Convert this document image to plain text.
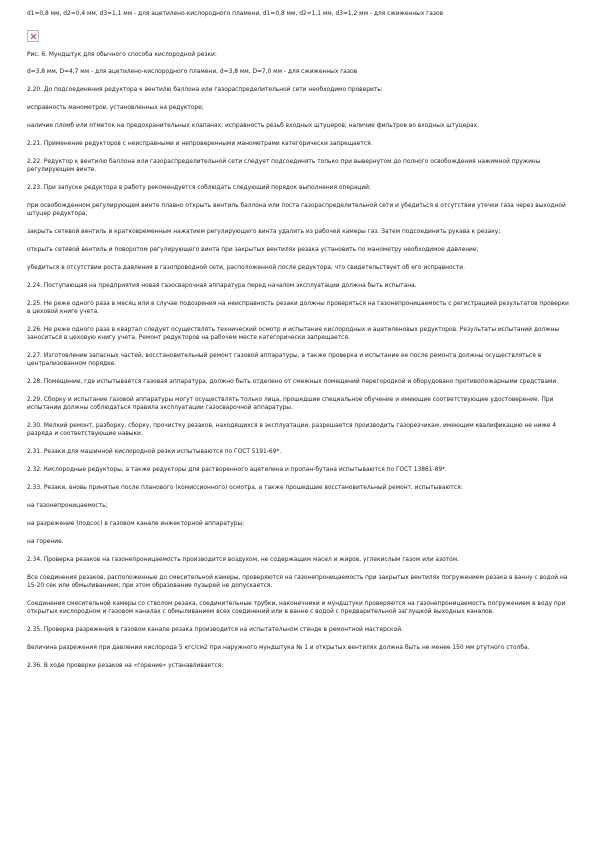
d1=0,8 мм, d2=0,4 мм, d3=1,1 мм - для ацетилено-кислородного пламени, d1=0,8 мм, d2=1,1 мм, d3=1,2 мм - для сжиженных газов

Рис. 6. Мундштук для обычного способа кислородной резки:

d=3,8 мм, D=4,7 мм - для ацетилено-кислородного пламени, d=3,8 мм, D=7,0 мм - для сжиженных газов

2.20. До подсоединения редуктора к вентилю баллона или газораспределительной сети необходимо проверить:

исправность манометров, установленных на редукторе;

наличие пломб или отметок на предохранительных клапанах; исправность резьб входных штуцеров; наличие фильтров во входных штуцерах.

2.21. Применение редукторов с неисправными и непроверенными манометрами категорически запрещается.

2.22. Редуктор к вентилю баллона или газораспределительной сети следует подсоединять только при вывернутом до полного освобождения нажимной пружины регулирующем винте.

2.23. При запуске редуктора в работу рекомендуется соблюдать следующий порядок выполнения операций:

при освобожденном регулирующем винте плавно открыть вентиль баллона или поста газораспределительной сети и убедиться в отсутствии утечки газа через выходной штуцер редуктора;

закрыть сетевой вентиль и кратковременным нажатием регулирующего винта удалить из рабочей камеры газ. Затем подсоединить рукава к резаку;

открыть сетевой вентиль и поворотом регулирующего винта при закрытых вентилях резака установить по манометру необходимое давление;

убедиться в отсутствии роста давления в газопроводной сети, расположенной после редуктора, что свидетельствует об его исправности.

2.24. Поступающая на предприятия новая газосварочная аппаратура перед началом эксплуатации должна быть испытана.

2.25. Не реже одного раза в месяц или в случае подозрения на неисправность резаки должны проверяться на газонепроницаемость с регистрацией результатов проверки в цеховой книге учета.

2.26. Не реже одного раза в квартал следует осуществлять технический осмотр и испытание кислородных и ацетиленовых редукторов. Результаты испытаний должны заноситься в цеховую книгу учета. Ремонт редукторов на рабочем месте категорически запрещается.

2.27. Изготовление запасных частей, восстановительный ремонт газовой аппаратуры, а также проверка и испытание ее после ремонта должны осуществляться в централизованном порядке.

2.28. Помещение, где испытывается газовая аппаратура, должно быть отделено от смежных помещений перегородкой и оборудовано противопожарными средствами.

2.29. Сборку и испытание газовой аппаратуры могут осуществлять только лица, прошедшие специальное обучение и имеющие соответствующее удостоверение. При испытании должны соблюдаться правила эксплуатации газосварочной аппаратуры.

2.30. Мелкий ремонт, разборку, сборку, прочистку резаков, находящихся в эксплуатации, разрешается производить газорезчикам, имеющим квалификацию не ниже 4 разряда и соответствующие навыки.

2.31. Резаки для машинной кислородной резки испытываются по ГОСТ 5191-69*.

2.32. Кислородные редукторы, а также редукторы для растворенного ацетилена и пропан-бутана испытываются по ГОСТ 13861-89*.

2.33. Резаки, вновь принятые после планового (комиссионного) осмотра, а также прошедшие восстановительный ремонт, испытываются:

на газонепроницаемость;

на разрежение (подсос) в газовом канале инжекторной аппаратуры;

на горение.

2.34. Проверка резаков на газонепроницаемость производится воздухом, не содержащим масел и жиров, углекислым газом или азотом.

Все соединения резаков, расположенные до смесительной камеры, проверяются на газонепроницаемость при закрытых вентилях погружением резака в ванну с водой на 15-20 сек или обмыливанием; при этом образование пузырей не допускается.

Соединения смесительной камеры со стволом резака, соединительные трубки, наконечники и мундштуки проверяются на газонепроницаемость погружением в воду при открытых кислородном и газовом каналах с обмыливанием всех соединений или в ванне с водой с предварительной заглушкой выходных каналов.

2.35. Проверка разрежения в газовом канале резака производится на испытательном стенде в ремонтной мастерской.

Величина разрежения при давлении кислорода 5 кгс/см2 при наружного мундштука № 1 и открытых вентилях должна быть не менее 150 мм ртутного столба.

2.36. В ходе проверки резаков на «горение» устанавливается:
